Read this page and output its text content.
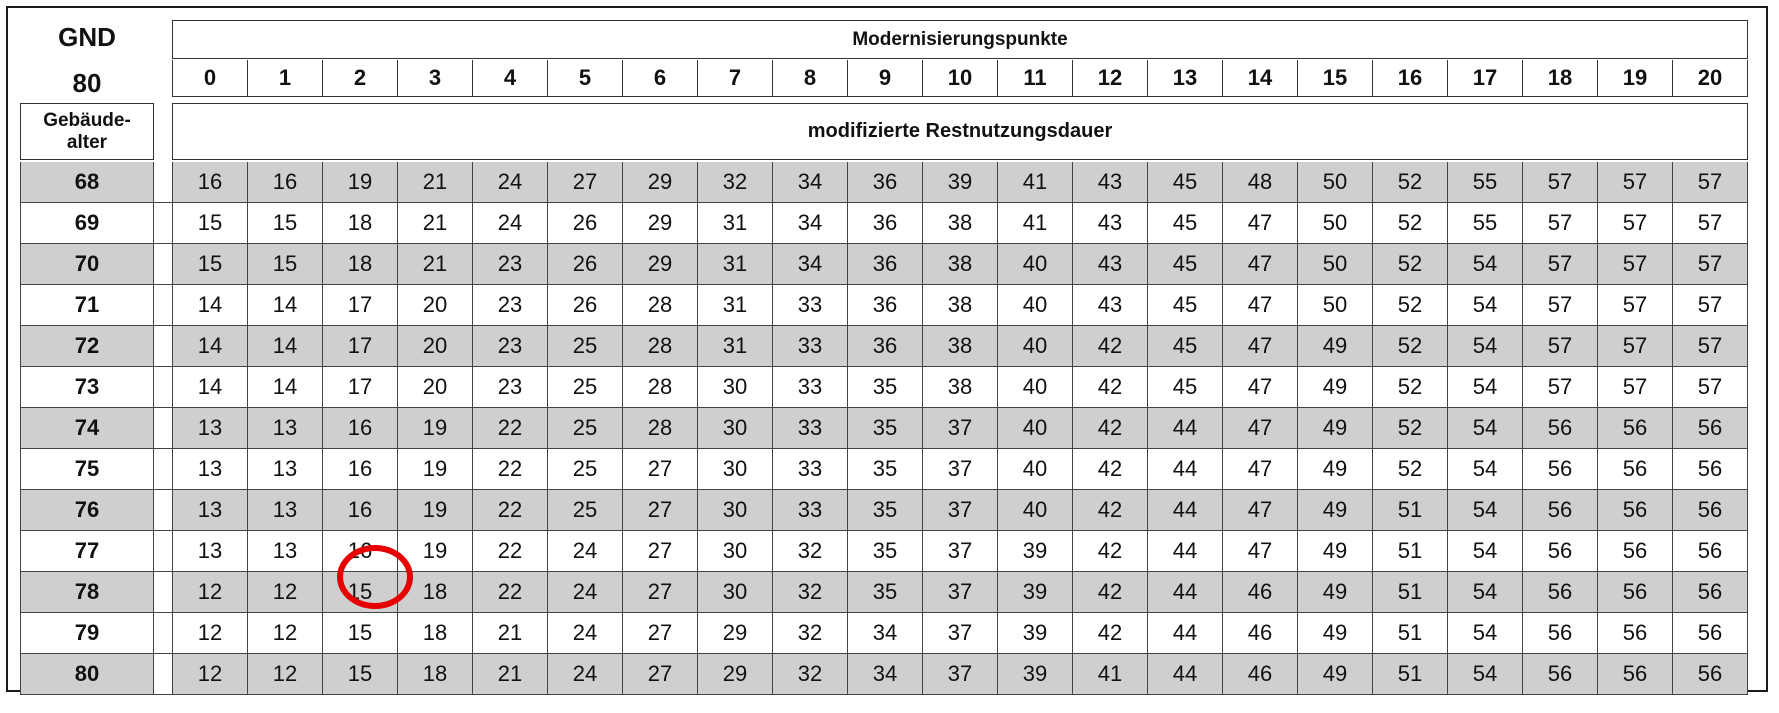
GND
80
Modernisierungspunkte
0	1	2	3	4	5	6	7	8	9	10	11	12	13	14	15	16	17	18	19	20
Gebäude-alter	modifizierte Restnutzungsdauer
68	16	16	19	21	24	27	29	32	34	36	39	41	43	45	48	50	52	55	57	57	57
69	15	15	18	21	24	26	29	31	34	36	38	41	43	45	47	50	52	55	57	57	57
70	15	15	18	21	23	26	29	31	34	36	38	40	43	45	47	50	52	54	57	57	57
71	14	14	17	20	23	26	28	31	33	36	38	40	43	45	47	50	52	54	57	57	57
72	14	14	17	20	23	25	28	31	33	36	38	40	42	45	47	49	52	54	57	57	57
73	14	14	17	20	23	25	28	30	33	35	38	40	42	45	47	49	52	54	57	57	57
74	13	13	16	19	22	25	28	30	33	35	37	40	42	44	47	49	52	54	56	56	56
75	13	13	16	19	22	25	27	30	33	35	37	40	42	44	47	49	52	54	56	56	56
76	13	13	16	19	22	25	27	30	33	35	37	40	42	44	47	49	51	54	56	56	56
77	13	13	16	19	22	24	27	30	32	35	37	39	42	44	47	49	51	54	56	56	56
78	12	12	15	18	22	24	27	30	32	35	37	39	42	44	46	49	51	54	56	56	56
79	12	12	15	18	21	24	27	29	32	34	37	39	42	44	46	49	51	54	56	56	56
80	12	12	15	18	21	24	27	29	32	34	37	39	41	44	46	49	51	54	56	56	56
